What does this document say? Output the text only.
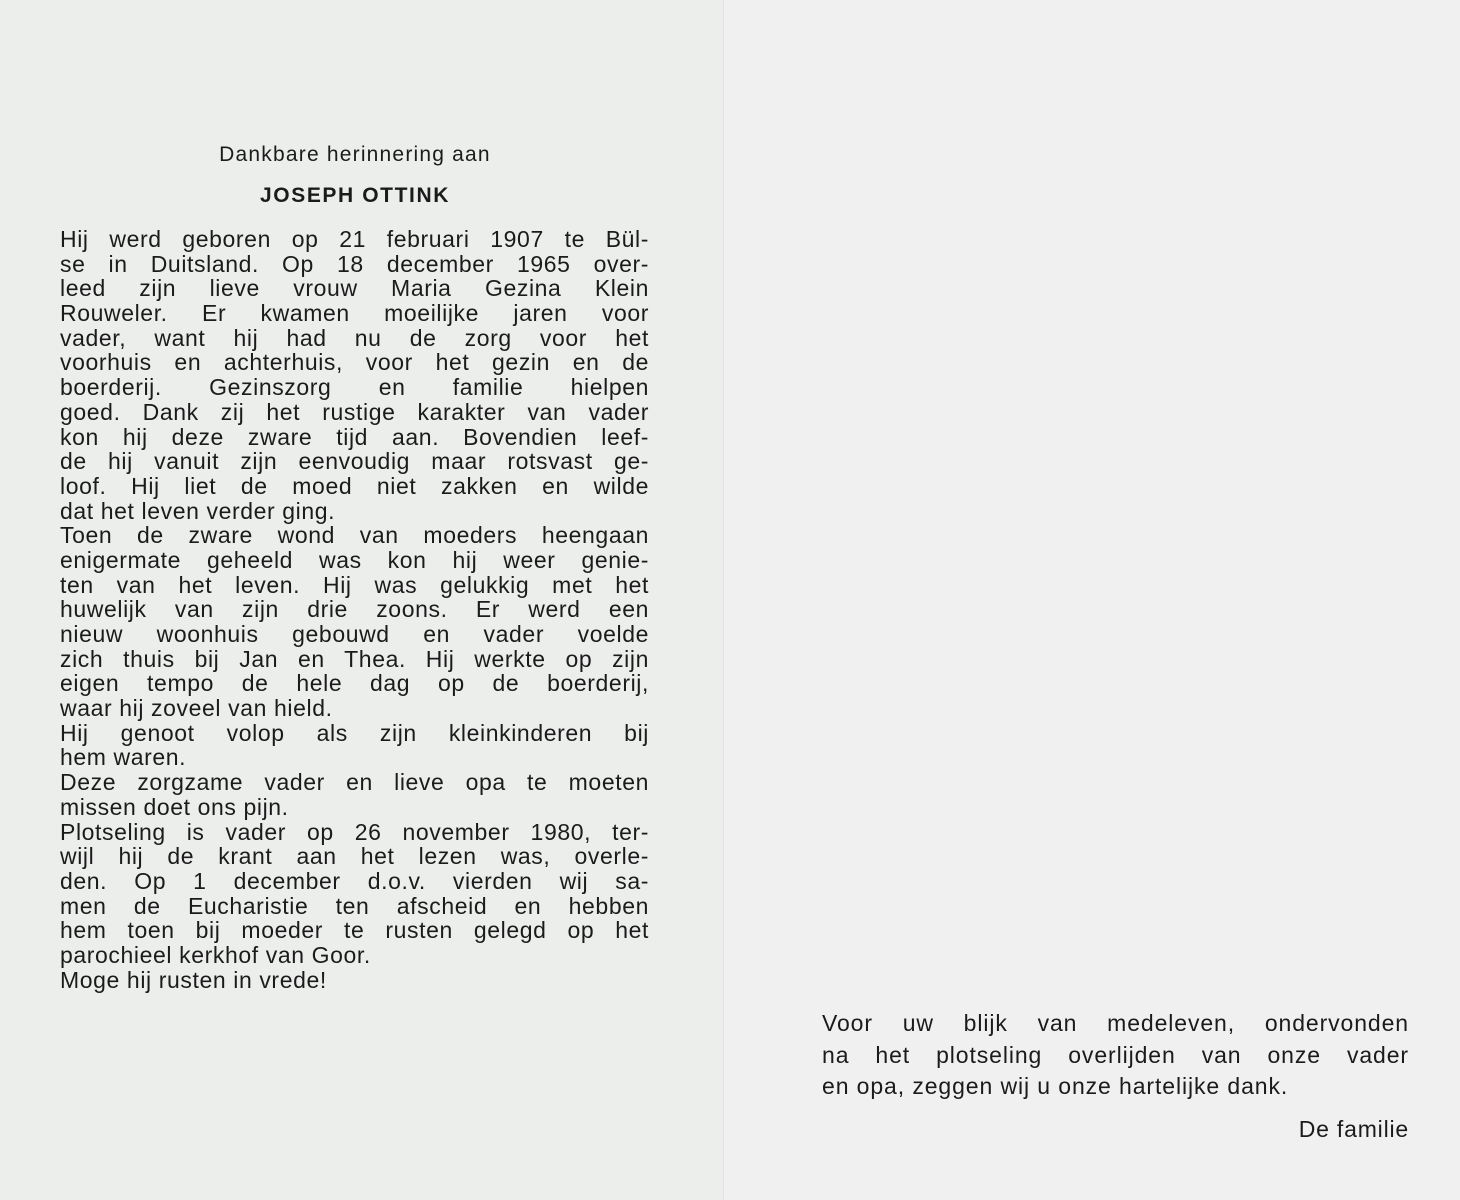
Dankbare herinnering aan
JOSEPH OTTINK
Hij werd geboren op 21 februari 1907 te Bül-
se in Duitsland. Op 18 december 1965 over-
leed zijn lieve vrouw Maria Gezina Klein
Rouweler. Er kwamen moeilijke jaren voor
vader, want hij had nu de zorg voor het
voorhuis en achterhuis, voor het gezin en de
boerderij. Gezinszorg en familie hielpen
goed. Dank zij het rustige karakter van vader
kon hij deze zware tijd aan. Bovendien leef-
de hij vanuit zijn eenvoudig maar rotsvast ge-
loof. Hij liet de moed niet zakken en wilde
dat het leven verder ging.
Toen de zware wond van moeders heengaan
enigermate geheeld was kon hij weer genie-
ten van het leven. Hij was gelukkig met het
huwelijk van zijn drie zoons. Er werd een
nieuw woonhuis gebouwd en vader voelde
zich thuis bij Jan en Thea. Hij werkte op zijn
eigen tempo de hele dag op de boerderij,
waar hij zoveel van hield.
Hij genoot volop als zijn kleinkinderen bij
hem waren.
Deze zorgzame vader en lieve opa te moeten
missen doet ons pijn.
Plotseling is vader op 26 november 1980, ter-
wijl hij de krant aan het lezen was, overle-
den. Op 1 december d.o.v. vierden wij sa-
men de Eucharistie ten afscheid en hebben
hem toen bij moeder te rusten gelegd op het
parochieel kerkhof van Goor.
Moge hij rusten in vrede!
Voor uw blijk van medeleven, ondervonden
na het plotseling overlijden van onze vader
en opa, zeggen wij u onze hartelijke dank.
De familie
